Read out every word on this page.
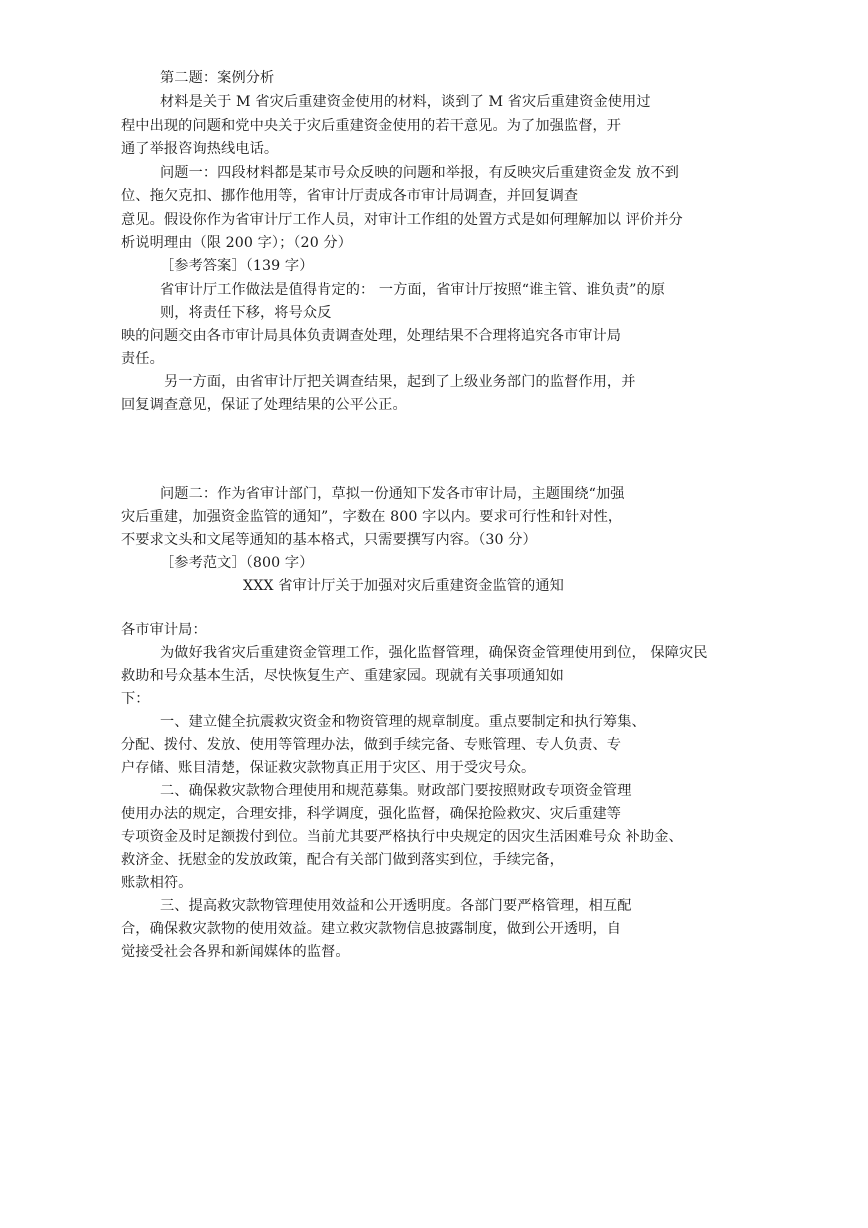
第二题：案例分析
材料是关于 M 省灾后重建资金使用的材料，谈到了 M 省灾后重建资金使用过
程中出现的问题和党中央关于灾后重建资金使用的若干意见。为了加强监督，开
通了举报咨询热线电话。
问题一：四段材料都是某市号众反映的问题和举报，有反映灾后重建资金发 放不到
位、拖欠克扣、挪作他用等，省审计厅责成各市审计局调查，并回复调查
意见。假设你作为省审计厅工作人员，对审计工作组的处置方式是如何理解加以 评价并分
析说明理由（限 200 字）；（20 分）
［参考答案］（139 字）
省审计厅工作做法是值得肯定的： 一方面，省审计厅按照“谁主管、谁负责”的原
则，将责任下移，将号众反
映的问题交由各市审计局具体负责调查处理，处理结果不合理将追究各市审计局
责任。
另一方面，由省审计厅把关调查结果，起到了上级业务部门的监督作用，并
回复调查意见，保证了处理结果的公平公正。
问题二：作为省审计部门，草拟一份通知下发各市审计局，主题围绕“加强
灾后重建，加强资金监管的通知”，字数在 800 字以内。要求可行性和针对性，
不要求文头和文尾等通知的基本格式，只需要撰写内容。（30 分）
［参考范文］（800 字）
XXX 省审计厅关于加强对灾后重建资金监管的通知
各市审计局：
为做好我省灾后重建资金管理工作，强化监督管理，确保资金管理使用到位， 保障灾民
救助和号众基本生活，尽快恢复生产、重建家园。现就有关事项通知如
下：
一、建立健全抗震救灾资金和物资管理的规章制度。重点要制定和执行筹集、
分配、拨付、发放、使用等管理办法，做到手续完备、专账管理、专人负责、专
户存储、账目清楚，保证救灾款物真正用于灾区、用于受灾号众。
二、确保救灾款物合理使用和规范募集。财政部门要按照财政专项资金管理
使用办法的规定，合理安排，科学调度，强化监督，确保抢险救灾、灾后重建等
专项资金及时足额拨付到位。当前尤其要严格执行中央规定的因灾生活困难号众 补助金、
救济金、抚慰金的发放政策，配合有关部门做到落实到位，手续完备，
账款相符。
三、提高救灾款物管理使用效益和公开透明度。各部门要严格管理，相互配
合，确保救灾款物的使用效益。建立救灾款物信息披露制度，做到公开透明，自
觉接受社会各界和新闻媒体的监督。
